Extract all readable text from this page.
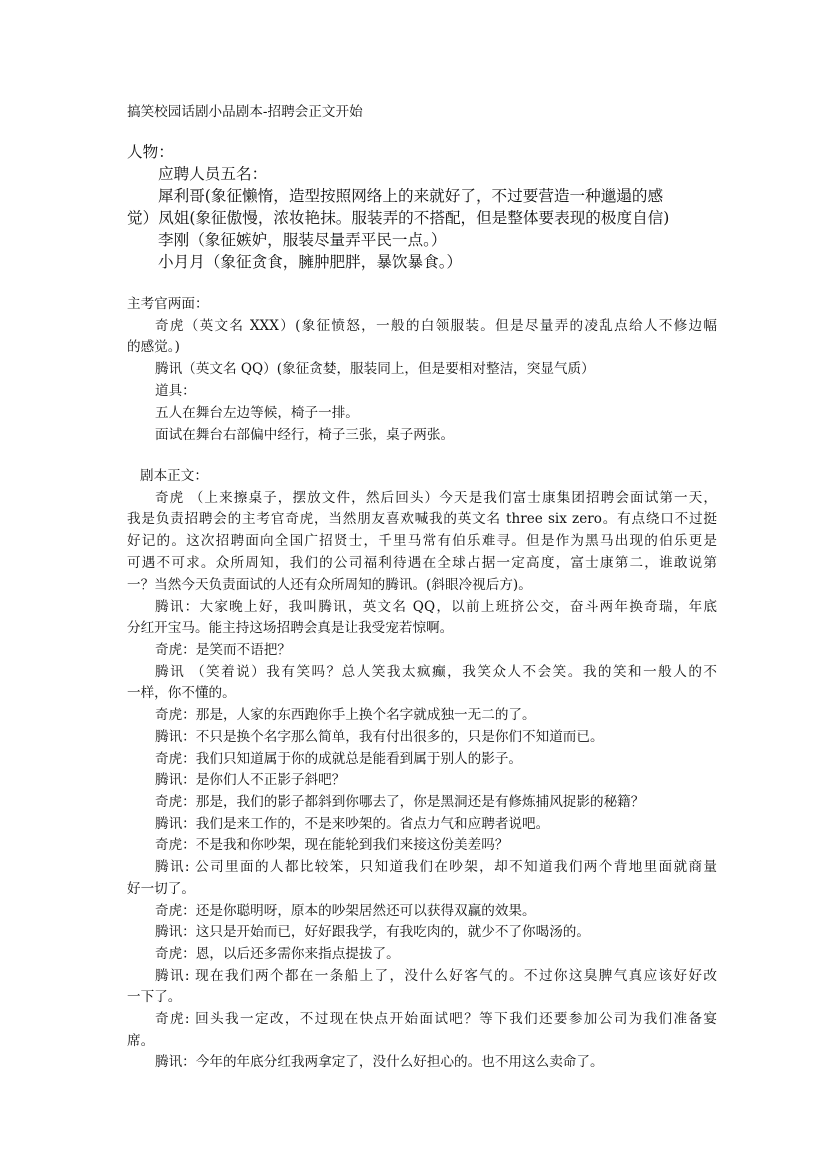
搞笑校园话剧小品剧本-招聘会正文开始
人物：
应聘人员五名：
犀利哥(象征懒惰，造型按照网络上的来就好了，不过要营造一种邋遢的感
觉）凤姐(象征傲慢，浓妆艳抹。服装弄的不搭配，但是整体要表现的极度自信)
李刚（象征嫉妒，服装尽量弄平民一点。）
小月月（象征贪食，臃肿肥胖，暴饮暴食。）
主考官两面：
奇虎（英文名 XXX）(象征愤怒，一般的白领服装。但是尽量弄的凌乱点给人不修边幅
的感觉。)
腾讯（英文名 QQ）(象征贪婪，服装同上，但是要相对整洁，突显气质）
道具：
五人在舞台左边等候，椅子一排。
面试在舞台右部偏中经行，椅子三张，桌子两张。
剧本正文：
奇虎 （上来擦桌子，摆放文件，然后回头）今天是我们富士康集团招聘会面试第一天，
我是负责招聘会的主考官奇虎，当然朋友喜欢喊我的英文名 three six zero。有点绕口不过挺
好记的。这次招聘面向全国广招贤士，千里马常有伯乐难寻。但是作为黑马出现的伯乐更是
可遇不可求。众所周知，我们的公司福利待遇在全球占据一定高度，富士康第二，谁敢说第
一？当然今天负责面试的人还有众所周知的腾讯。(斜眼冷视后方)。
腾讯：大家晚上好，我叫腾讯，英文名 QQ，以前上班挤公交，奋斗两年换奇瑞，年底
分红开宝马。能主持这场招聘会真是让我受宠若惊啊。
奇虎：是笑而不语把？
腾讯 （笑着说）我有笑吗？总人笑我太疯癫，我笑众人不会笑。我的笑和一般人的不
一样，你不懂的。
奇虎：那是，人家的东西跑你手上换个名字就成独一无二的了。
腾讯：不只是换个名字那么简单，我有付出很多的，只是你们不知道而已。
奇虎：我们只知道属于你的成就总是能看到属于别人的影子。
腾讯：是你们人不正影子斜吧？
奇虎：那是，我们的影子都斜到你哪去了，你是黑洞还是有修炼捕风捉影的秘籍？
腾讯：我们是来工作的，不是来吵架的。省点力气和应聘者说吧。
奇虎：不是我和你吵架，现在能轮到我们来接这份美差吗？
腾讯: 公司里面的人都比较笨，只知道我们在吵架，却不知道我们两个背地里面就商量
好一切了。
奇虎：还是你聪明呀，原本的吵架居然还可以获得双赢的效果。
腾讯：这只是开始而已，好好跟我学，有我吃肉的，就少不了你喝汤的。
奇虎：恩，以后还多需你来指点提拔了。
腾讯: 现在我们两个都在一条船上了，没什么好客气的。不过你这臭脾气真应该好好改
一下了。
奇虎: 回头我一定改，不过现在快点开始面试吧？等下我们还要参加公司为我们准备宴
席。
腾讯：今年的年底分红我两拿定了，没什么好担心的。也不用这么卖命了。
